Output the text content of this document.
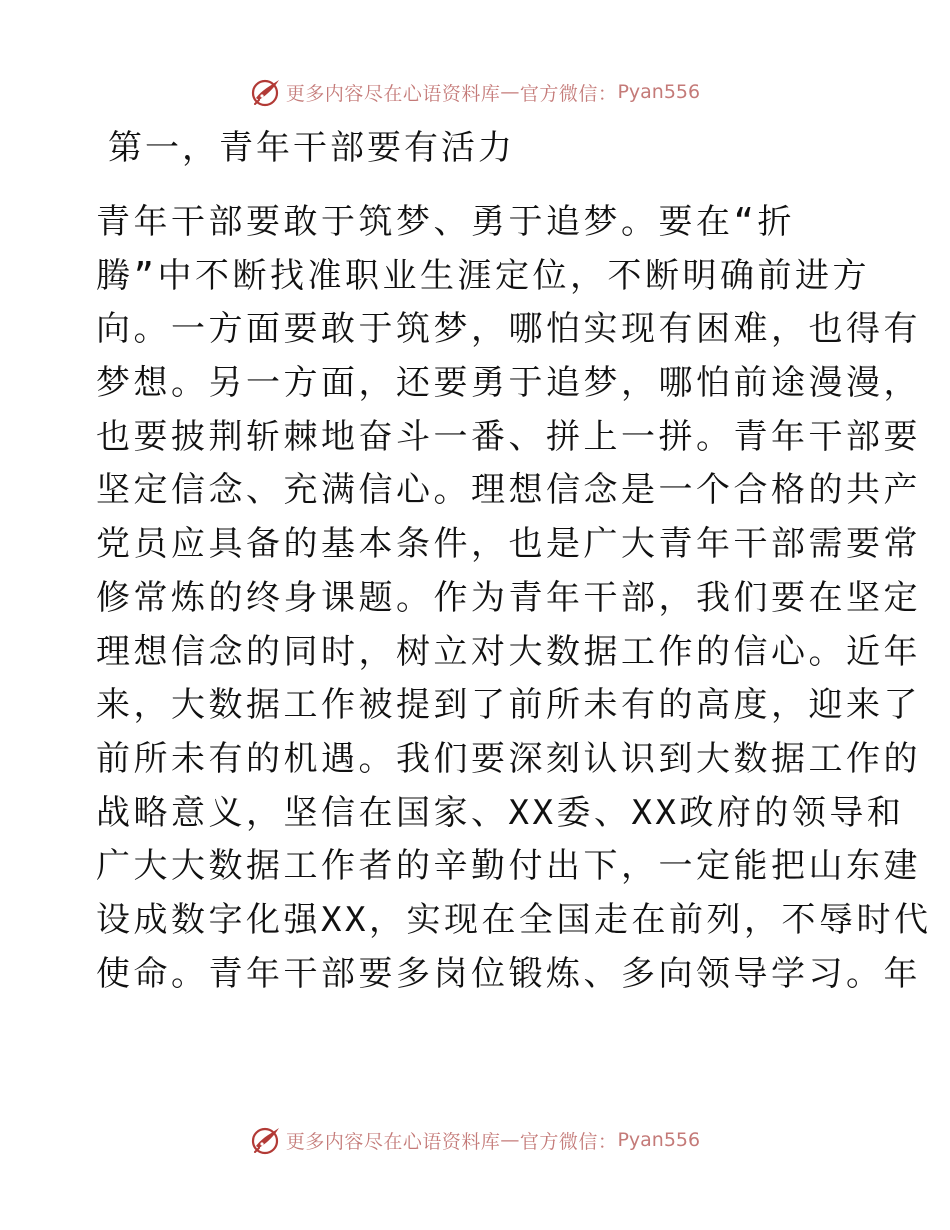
更多内容尽在心语资料库 — 官方微信： Pyan556
第一，青年干部要有活力
青年干部要敢于筑梦、勇于追梦。要在“折
腾”中不断找准职业生涯定位，不断明确前进方
向。一方面要敢于筑梦，哪怕实现有困难，也得有
梦想。另一方面，还要勇于追梦，哪怕前途漫漫，
也要披荆斩棘地奋斗一番、拼上一拼。青年干部要
坚定信念、充满信心。理想信念是一个合格的共产
党员应具备的基本条件，也是广大青年干部需要常
修常炼的终身课题。作为青年干部，我们要在坚定
理想信念的同时，树立对大数据工作的信心。近年
来，大数据工作被提到了前所未有的高度，迎来了
前所未有的机遇。我们要深刻认识到大数据工作的
战略意义，坚信在国家、XX委、XX政府的领导和
广大大数据工作者的辛勤付出下，一定能把山东建
设成数字化强XX，实现在全国走在前列，不辱时代
使命。青年干部要多岗位锻炼、多向领导学习。年
更多内容尽在心语资料库 — 官方微信： Pyan556
